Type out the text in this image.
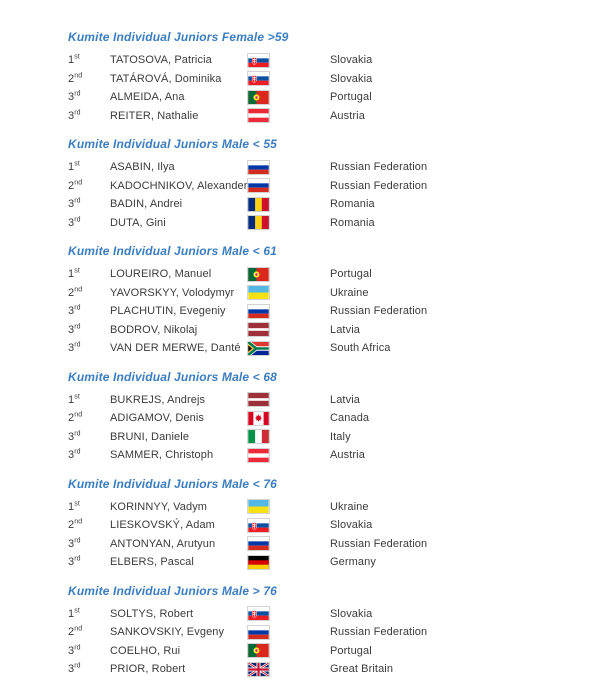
Kumite Individual Juniors Female >59
1st	TATOSOVA, Patricia	Slovakia
2nd	TATÁROVÁ, Dominika	Slovakia
3rd	ALMEIDA, Ana	Portugal
3rd	REITER, Nathalie	Austria
Kumite Individual Juniors Male < 55
1st	ASABIN, Ilya	Russian Federation
2nd	KADOCHNIKOV, Alexander	Russian Federation
3rd	BADIN, Andrei	Romania
3rd	DUTA, Gini	Romania
Kumite Individual Juniors Male < 61
1st	LOUREIRO, Manuel	Portugal
2nd	YAVORSKYY, Volodymyr	Ukraine
3rd	PLACHUTIN, Evegeniy	Russian Federation
3rd	BODROV, Nikolaj	Latvia
3rd	VAN DER MERWE, Danté	South Africa
Kumite Individual Juniors Male < 68
1st	BUKREJS, Andrejs	Latvia
2nd	ADIGAMOV, Denis	Canada
3rd	BRUNI, Daniele	Italy
3rd	SAMMER, Christoph	Austria
Kumite Individual Juniors Male < 76
1st	KORINNYY, Vadym	Ukraine
2nd	LIESKOVSKÝ, Adam	Slovakia
3rd	ANTONYAN, Arutyun	Russian Federation
3rd	ELBERS, Pascal	Germany
Kumite Individual Juniors Male > 76
1st	SOLTYS, Robert	Slovakia
2nd	SANKOVSKIY, Evgeny	Russian Federation
3rd	COELHO, Rui	Portugal
3rd	PRIOR, Robert	Great Britain
